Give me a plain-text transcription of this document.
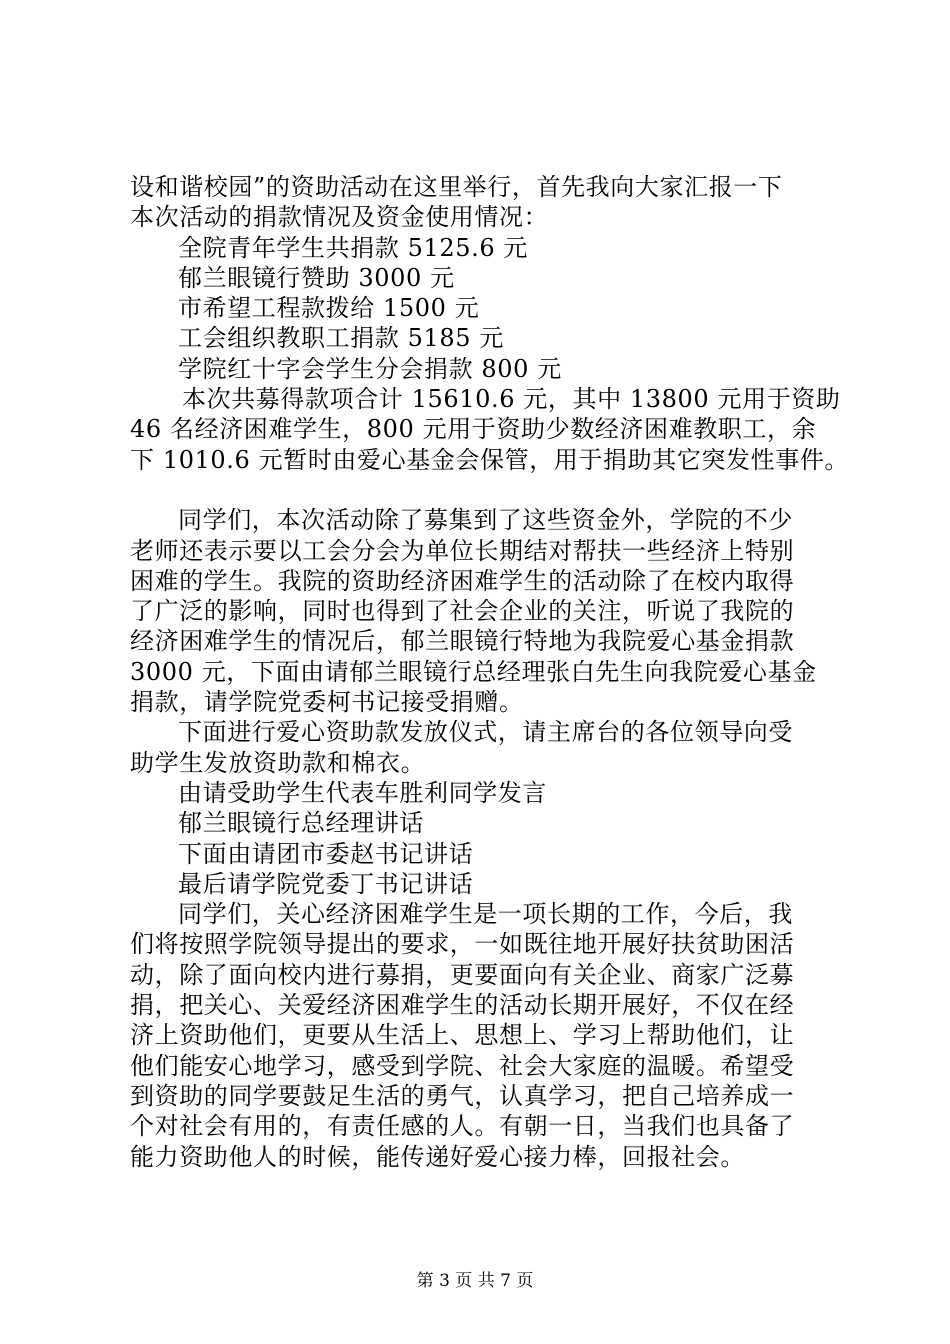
设和谐校园”的资助活动在这里举行，首先我向大家汇报一下
本次活动的捐款情况及资金使用情况：
全院青年学生共捐款 5125.6 元
郁兰眼镜行赞助 3000 元
市希望工程款拨给 1500 元
工会组织教职工捐款 5185 元
学院红十字会学生分会捐款 800 元
本次共募得款项合计 15610.6 元，其中 13800 元用于资助
46 名经济困难学生，800 元用于资助少数经济困难教职工，余
下 1010.6 元暂时由爱心基金会保管，用于捐助其它突发性事件。
同学们，本次活动除了募集到了这些资金外，学院的不少
老师还表示要以工会分会为单位长期结对帮扶一些经济上特别
困难的学生。我院的资助经济困难学生的活动除了在校内取得
了广泛的影响，同时也得到了社会企业的关注，听说了我院的
经济困难学生的情况后，郁兰眼镜行特地为我院爱心基金捐款
3000 元，下面由请郁兰眼镜行总经理张白先生向我院爱心基金
捐款，请学院党委柯书记接受捐赠。
下面进行爱心资助款发放仪式，请主席台的各位领导向受
助学生发放资助款和棉衣。
由请受助学生代表车胜利同学发言
郁兰眼镜行总经理讲话
下面由请团市委赵书记讲话
最后请学院党委丁书记讲话
同学们，关心经济困难学生是一项长期的工作，今后，我
们将按照学院领导提出的要求，一如既往地开展好扶贫助困活
动，除了面向校内进行募捐，更要面向有关企业、商家广泛募
捐，把关心、关爱经济困难学生的活动长期开展好，不仅在经
济上资助他们，更要从生活上、思想上、学习上帮助他们，让
他们能安心地学习，感受到学院、社会大家庭的温暖。希望受
到资助的同学要鼓足生活的勇气，认真学习，把自己培养成一
个对社会有用的，有责任感的人。有朝一日，当我们也具备了
能力资助他人的时候，能传递好爱心接力棒，回报社会。
第 3 页 共 7 页
